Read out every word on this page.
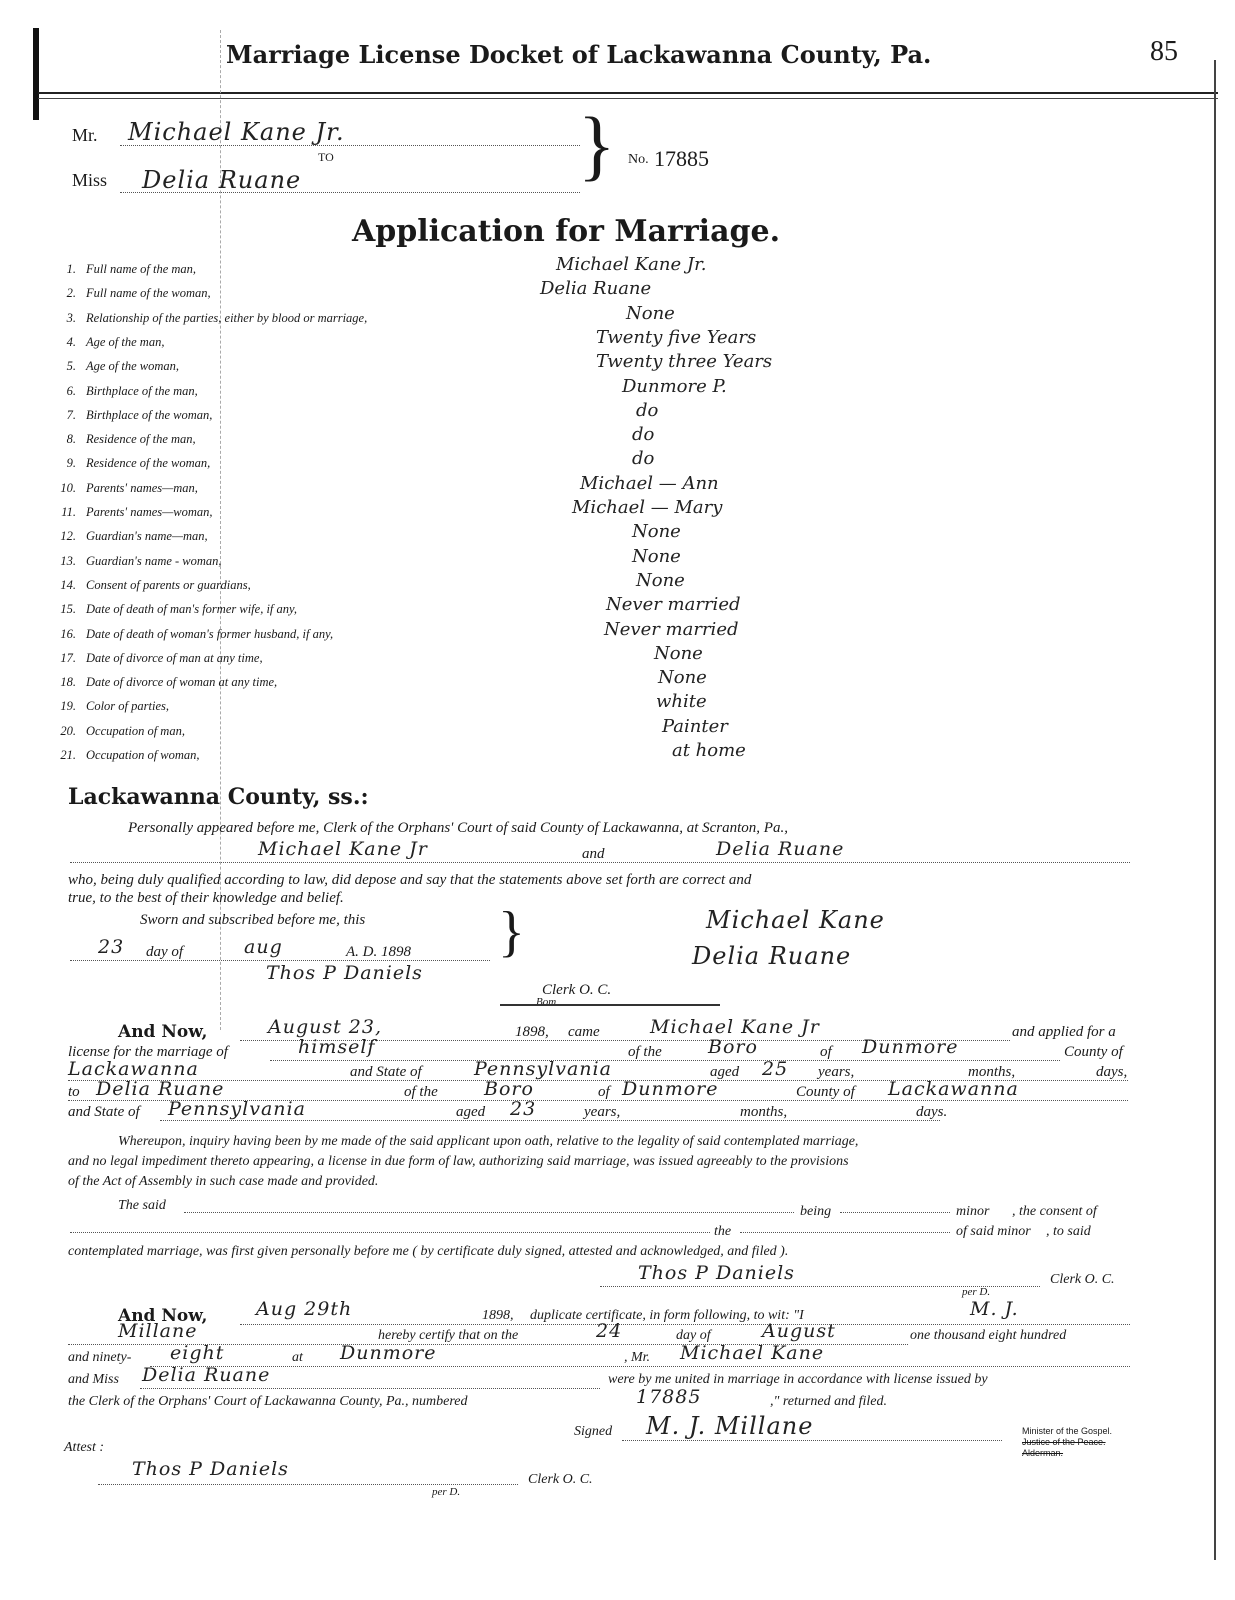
Marriage License Docket of Lackawanna County, Pa.	85
Mr. Michael Kane Jr.
TO
Miss Delia Ruane	} No. 17885
Application for Marriage.
1. Full name of the man,	Michael Kane Jr.
2. Full name of the woman,	Delia Ruane
3. Relationship of the parties, either by blood or marriage,	None
4. Age of the man,	Twenty five Years
5. Age of the woman,	Twenty three Years
6. Birthplace of the man,	Dunmore P.
7. Birthplace of the woman,	do
8. Residence of the man,	do
9. Residence of the woman,	do
10. Parents' names—man,	Michael — Ann
11. Parents' names—woman,	Michael — Mary
12. Guardian's name—man,	None
13. Guardian's name - woman,	None
14. Consent of parents or guardians,	None
15. Date of death of man's former wife, if any,	Never married
16. Date of death of woman's former husband, if any,	Never married
17. Date of divorce of man at any time,	None
18. Date of divorce of woman at any time,	None
19. Color of parties,	white
20. Occupation of man,	Painter
21. Occupation of woman,	at home
Lackawanna County, ss.:
Personally appeared before me, Clerk of the Orphans' Court of said County of Lackawanna, at Scranton, Pa.,
Michael Kane Jr	and	Delia Ruane
who, being duly qualified according to law, did depose and say that the statements above set forth are correct and
true, to the best of their knowledge and belief.
Sworn and subscribed before me, this
23 day of	aug	A. D. 1898 }
Thos P Daniels
Clerk O. C.
Bom
Michael Kane
Delia Ruane
And Now,	August 23,	1898, came	Michael Kane Jr	and applied for a
license for the marriage of	himself	of the Boro	of Dunmore	County of
Lackawanna	and State of	Pennsylvania	aged 25 years,	months,	days,
to Delia Ruane	of the Boro	of Dunmore	County of Lackawanna
and State of Pennsylvania	aged 23	years,	months,	days.
Whereupon, inquiry having been by me made of the said applicant upon oath, relative to the legality of said contemplated marriage,
and no legal impediment thereto appearing, a license in due form of law, authorizing said marriage, was issued agreeably to the provisions
of the Act of Assembly in such case made and provided.
The said	being	minor , the consent of
the	of said minor , to said
contemplated marriage, was first given personally before me ( by certificate duly signed, attested and acknowledged, and filed ).
Thos P Daniels	Clerk O. C.
per D.
And Now,	Aug 29th	1898, duplicate certificate, in form following, to wit: "I	M. J.
Millane	hereby certify that on the	24	day of	August	one thousand eight hundred
and ninety- eight	at Dunmore	, Mr. Michael Kane
and Miss Delia Ruane	were by me united in marriage in accordance with license issued by
the Clerk of the Orphans' Court of Lackawanna County, Pa., numbered	17885	," returned and filed.
Signed M. J. Millane	Minister of the Gospel.
Justice of the Peace.
Alderman.
Attest :
Thos P Daniels	Clerk O. C.
per D.
